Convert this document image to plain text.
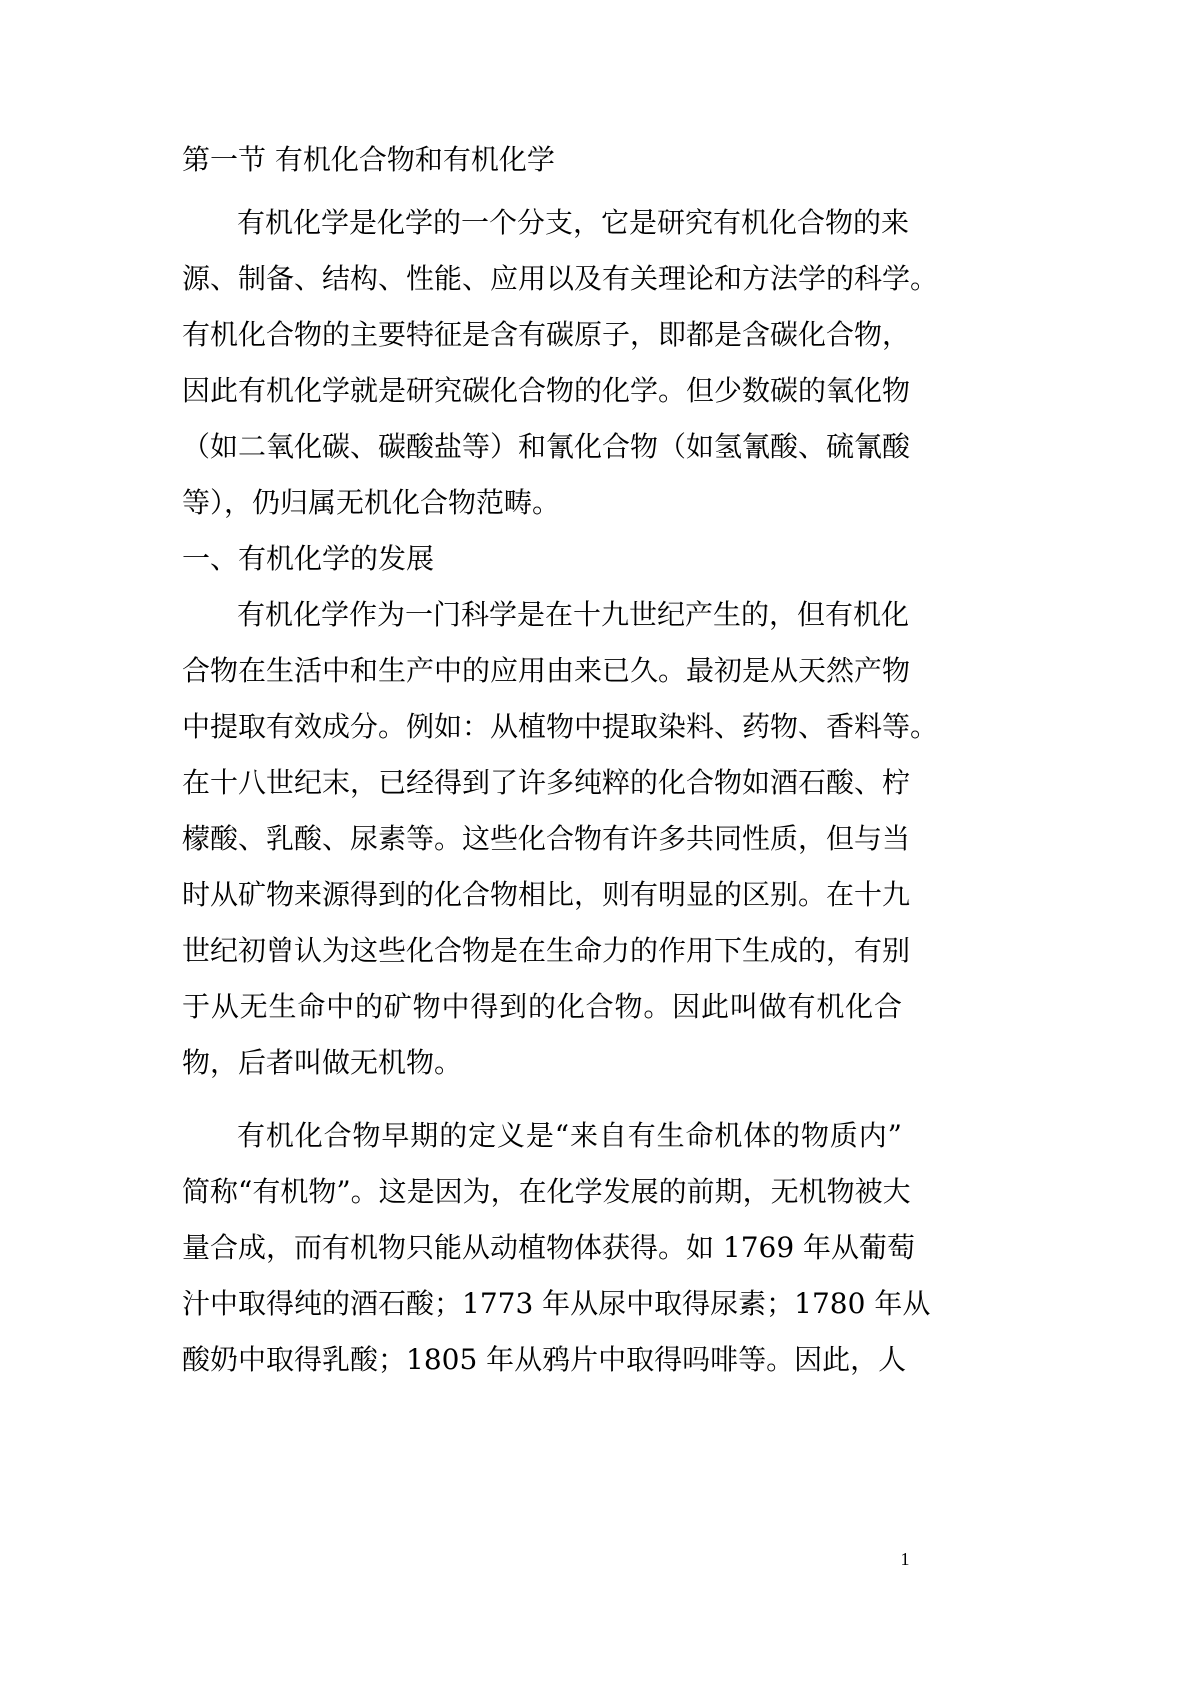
第一节 有机化合物和有机化学
有机化学是化学的一个分支，它是研究有机化合物的来
源、制备、结构、性能、应用以及有关理论和方法学的科学。
有机化合物的主要特征是含有碳原子，即都是含碳化合物，
因此有机化学就是研究碳化合物的化学。但少数碳的氧化物
（如二氧化碳、碳酸盐等）和氰化合物（如氢氰酸、硫氰酸
等），仍归属无机化合物范畴。
一、有机化学的发展
有机化学作为一门科学是在十九世纪产生的，但有机化
合物在生活中和生产中的应用由来已久。最初是从天然产物
中提取有效成分。例如：从植物中提取染料、药物、香料等。
在十八世纪末，已经得到了许多纯粹的化合物如酒石酸、柠
檬酸、乳酸、尿素等。这些化合物有许多共同性质，但与当
时从矿物来源得到的化合物相比，则有明显的区别。在十九
世纪初曾认为这些化合物是在生命力的作用下生成的，有别
于从无生命中的矿物中得到的化合物。因此叫做有机化合
物，后者叫做无机物。
有机化合物早期的定义是“来自有生命机体的物质内”
简称“有机物”。这是因为，在化学发展的前期，无机物被大
量合成，而有机物只能从动植物体获得。如 1769 年从葡萄
汁中取得纯的酒石酸；1773 年从尿中取得尿素；1780 年从
酸奶中取得乳酸；1805 年从鸦片中取得吗啡等。因此，人
1
